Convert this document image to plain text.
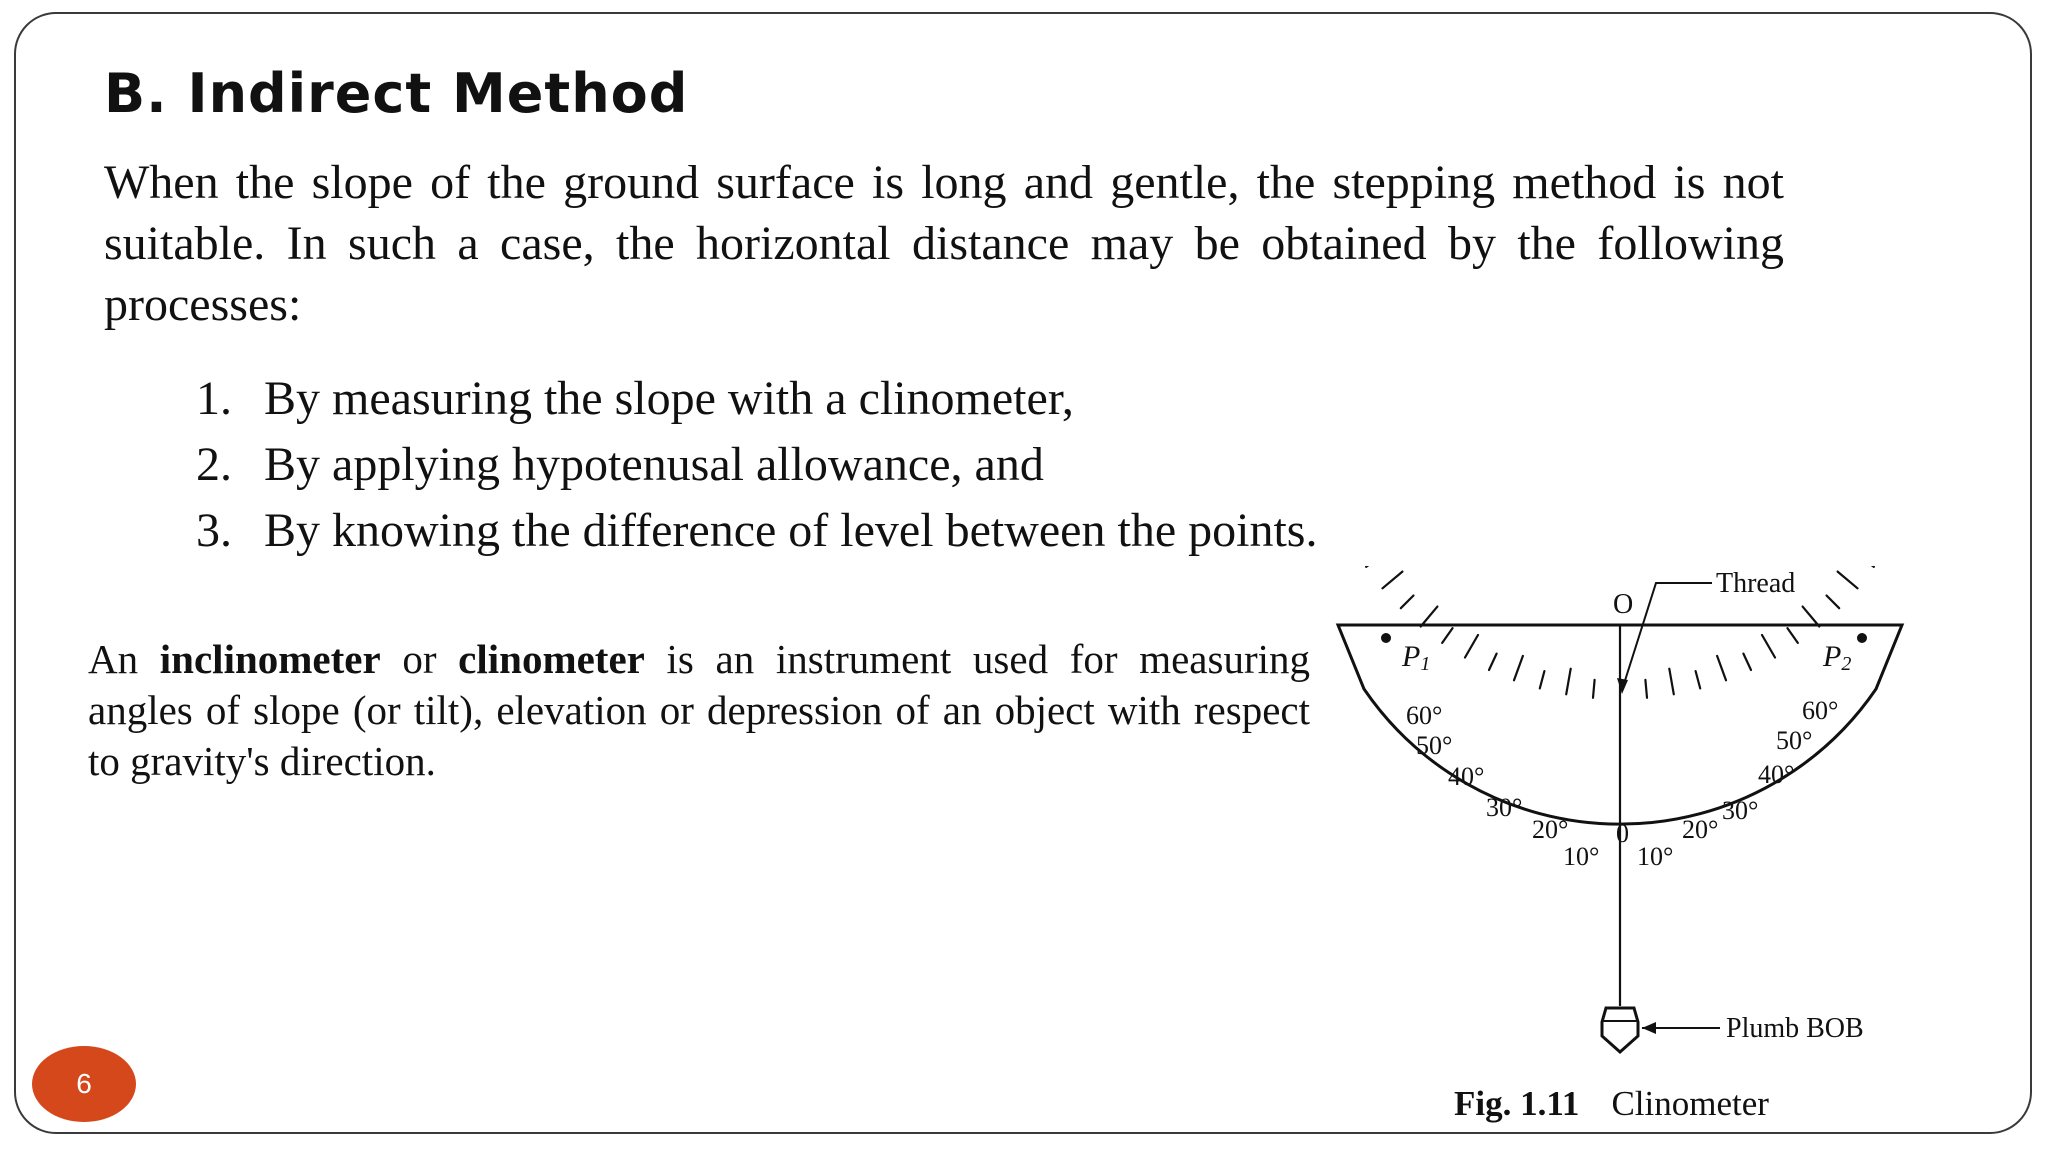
B. Indirect Method

When the slope of the ground surface is long and gentle, the stepping method is not suitable. In such a case, the horizontal distance may be obtained by the following processes:

1. By measuring the slope with a clinometer,
2. By applying hypotenusal allowance, and
3. By knowing the difference of level between the points.

An inclinometer or clinometer is an instrument used for measuring angles of slope (or tilt), elevation or depression of an object with respect to gravity's direction.

O
Thread
P1	P2
60°
50°
40°
30°
20°
10°
0
10°
20°
30°
40°
50°
60°
Plumb BOB
Fig. 1.11 Clinometer
6
